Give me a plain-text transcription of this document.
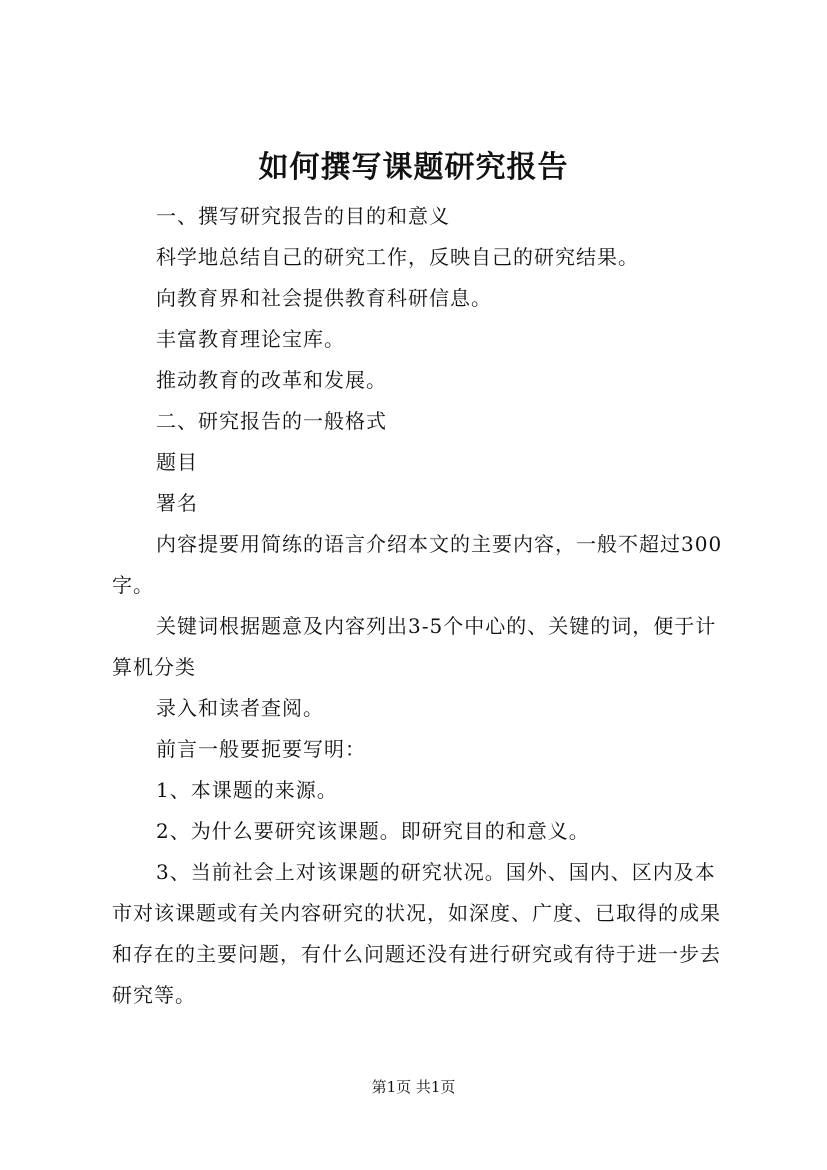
如何撰写课题研究报告

一、撰写研究报告的目的和意义

科学地总结自己的研究工作，反映自己的研究结果。

向教育界和社会提供教育科研信息。

丰富教育理论宝库。

推动教育的改革和发展。

二、研究报告的一般格式

题目

署名

内容提要用简练的语言介绍本文的主要内容，一般不超过300字。

关键词根据题意及内容列出3-5个中心的、关键的词，便于计算机分类

录入和读者查阅。

前言一般要扼要写明：

1、本课题的来源。

2、为什么要研究该课题。即研究目的和意义。

3、当前社会上对该课题的研究状况。国外、国内、区内及本市对该课题或有关内容研究的状况，如深度、广度、已取得的成果和存在的主要问题，有什么问题还没有进行研究或有待于进一步去研究等。

第1页 共1页
